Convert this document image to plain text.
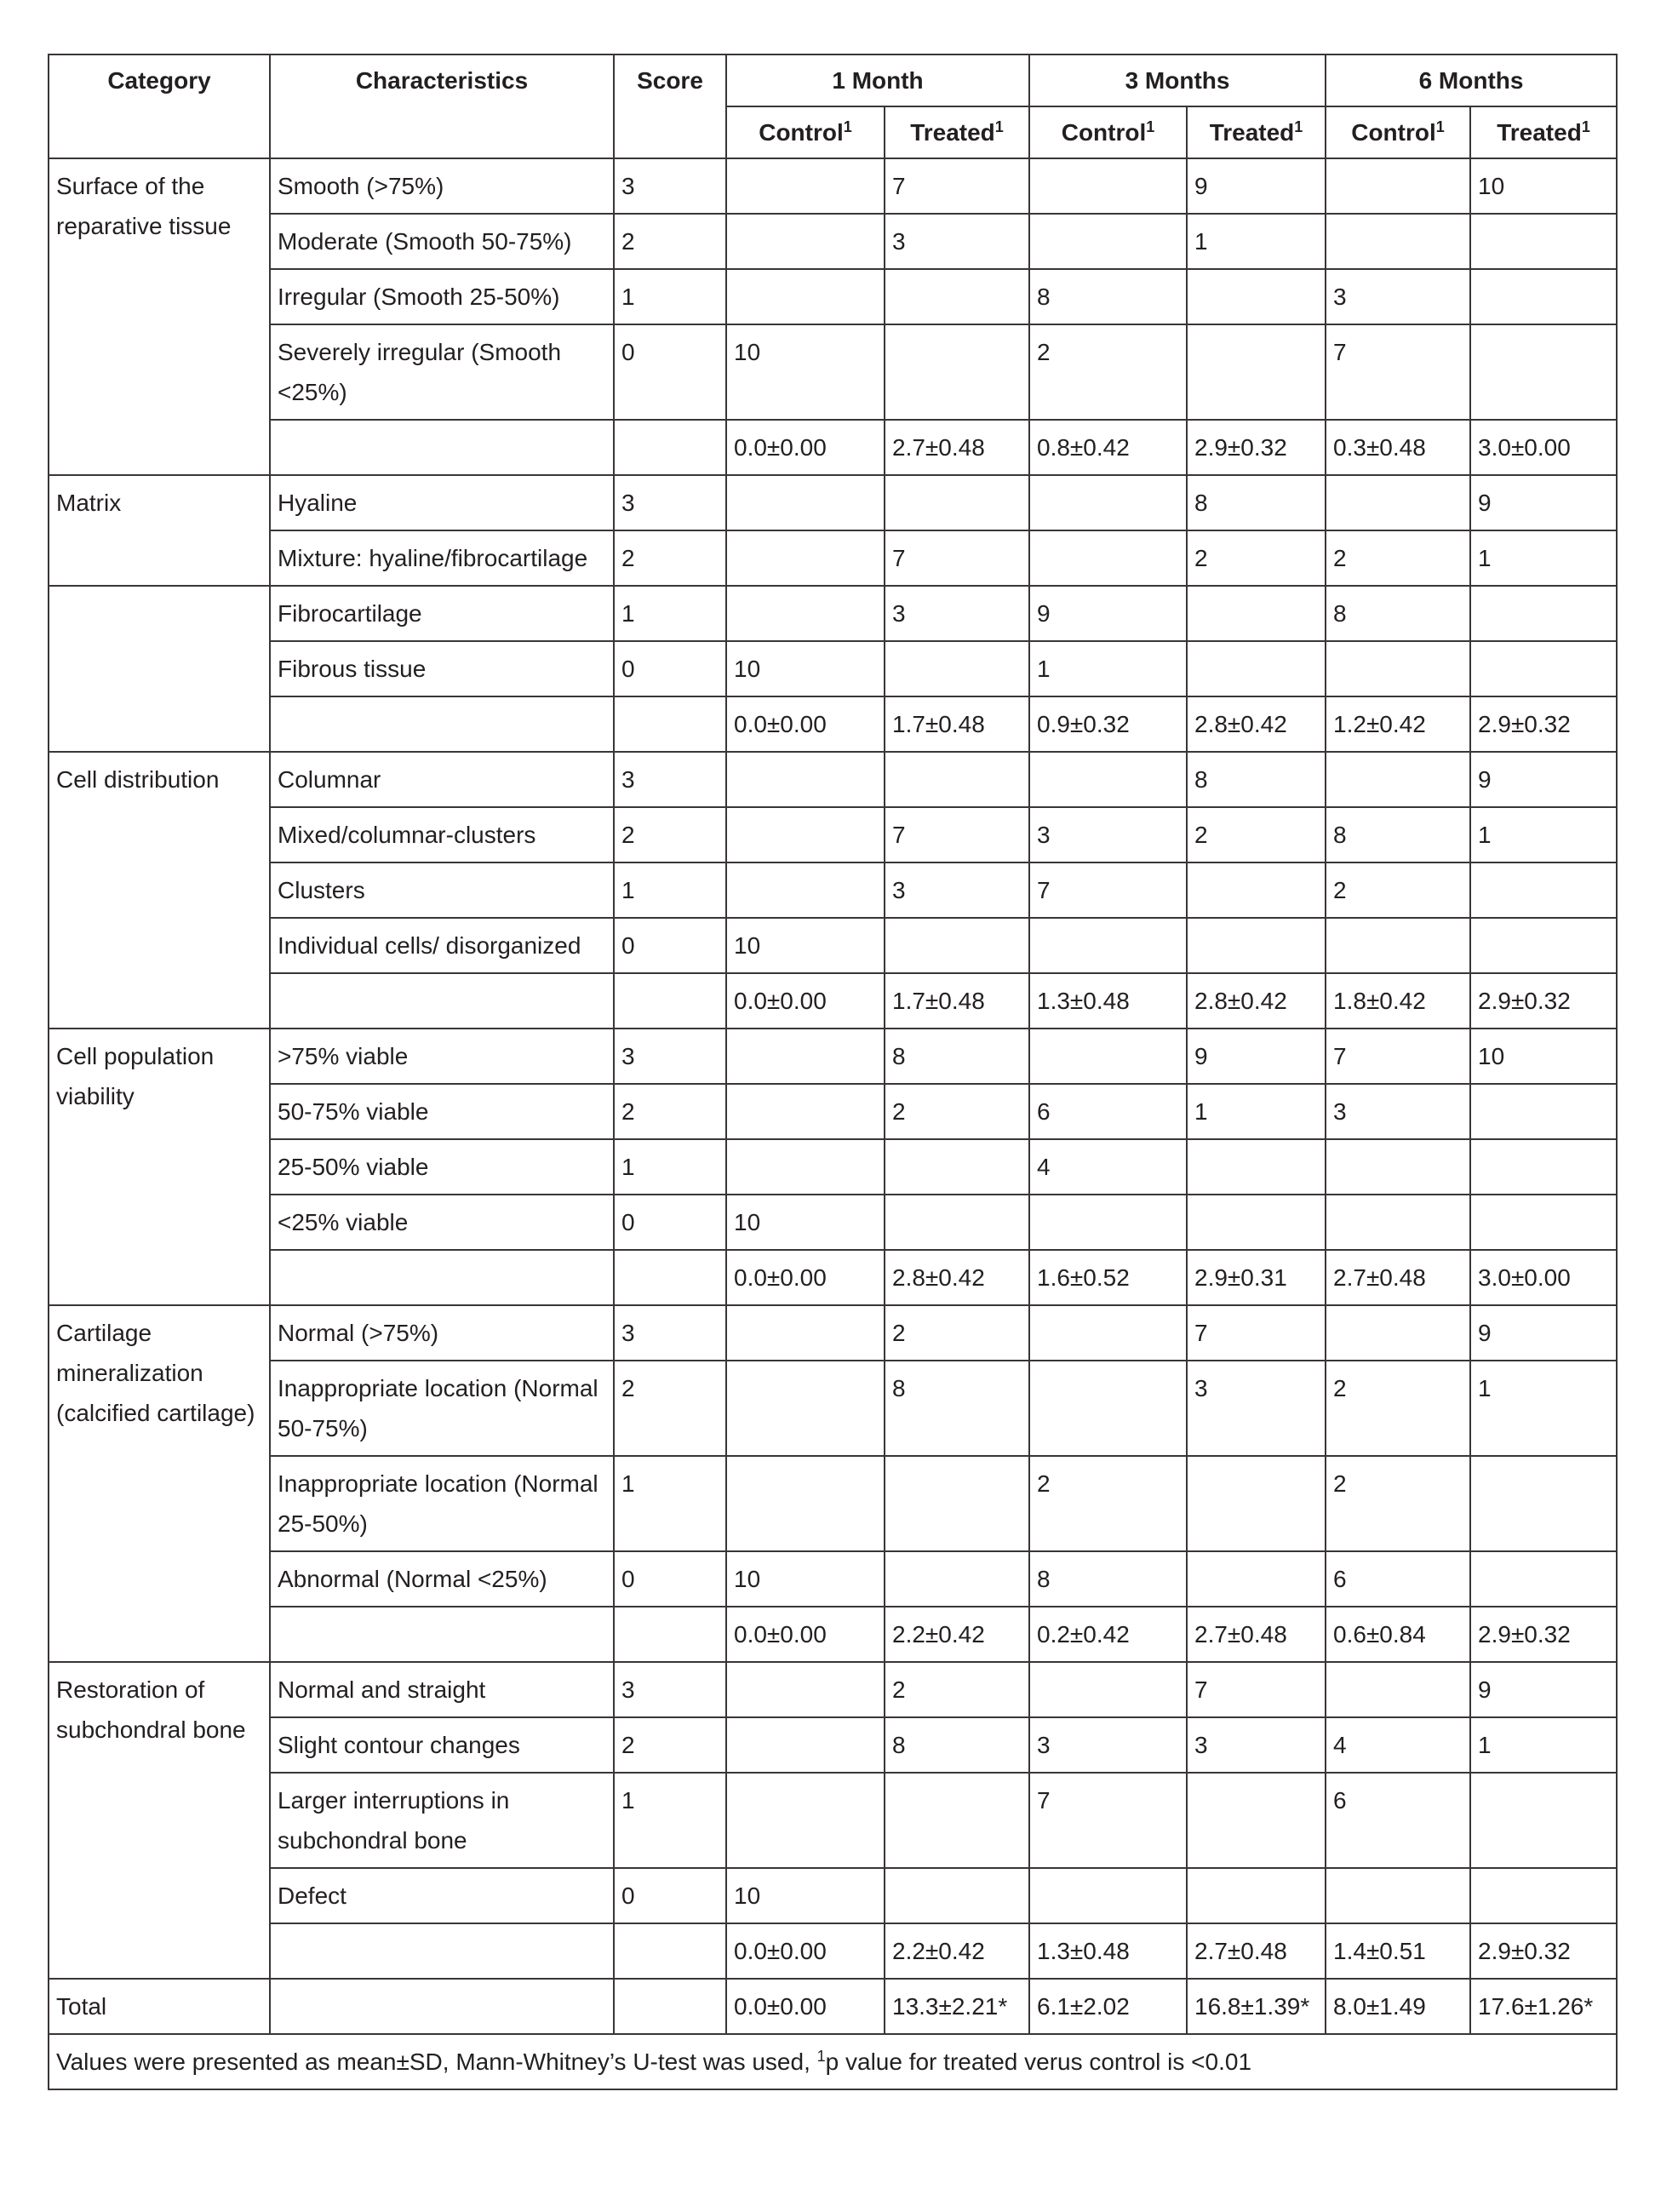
Category	Characteristics	Score	1 Month		3 Months		6 Months	
			Control$^1$	Treated$^1$	Control$^1$	Treated$^1$	Control$^1$	Treated$^1$
Surface of the reparative tissue	Smooth (>75%)	3		7		9		10
	Moderate (Smooth 50-75%)	2		3		1		
	Irregular (Smooth 25-50%)	1			8		3	
	Severely irregular (Smooth <25%)	0	10		2		7	
			0.0±0.00	2.7±0.48	0.8±0.42	2.9±0.32	0.3±0.48	3.0±0.00
Matrix	Hyaline	3				8		9
	Mixture: hyaline/fibrocartilage	2		7		2	2	1
	Fibrocartilage	1		3	9		8	
	Fibrous tissue	0	10		1			
			0.0±0.00	1.7±0.48	0.9±0.32	2.8±0.42	1.2±0.42	2.9±0.32
Cell distribution	Columnar	3				8		9
	Mixed/columnar-clusters	2		7	3	2	8	1
	Clusters	1		3	7		2	
	Individual cells/ disorganized	0	10					
			0.0±0.00	1.7±0.48	1.3±0.48	2.8±0.42	1.8±0.42	2.9±0.32
Cell population viability	>75% viable	3		8		9	7	10
	50-75% viable	2		2	6	1	3	
	25-50% viable	1			4			
	<25% viable	0	10					
			0.0±0.00	2.8±0.42	1.6±0.52	2.9±0.31	2.7±0.48	3.0±0.00
Cartilage mineralization (calcified cartilage)	Normal (>75%)	3		2		7		9
	Inappropriate location (Normal 50-75%)	2		8		3	2	1
	Inappropriate location (Normal 25-50%)	1			2		2	
	Abnormal (Normal <25%)	0	10		8		6	
			0.0±0.00	2.2±0.42	0.2±0.42	2.7±0.48	0.6±0.84	2.9±0.32
Restoration of subchondral bone	Normal and straight	3		2		7		9
	Slight contour changes	2		8	3	3	4	1
	Larger interruptions in subchondral bone	1			7		6	
	Defect	0	10					
			0.0±0.00	2.2±0.42	1.3±0.48	2.7±0.48	1.4±0.51	2.9±0.32
Total			0.0±0.00	13.3±2.21*	6.1±2.02	16.8±1.39*	8.0±1.49	17.6±1.26*
Values were presented as mean±SD, Mann-Whitney’s U-test was used, $^1$p value for treated verus control is <0.01								
